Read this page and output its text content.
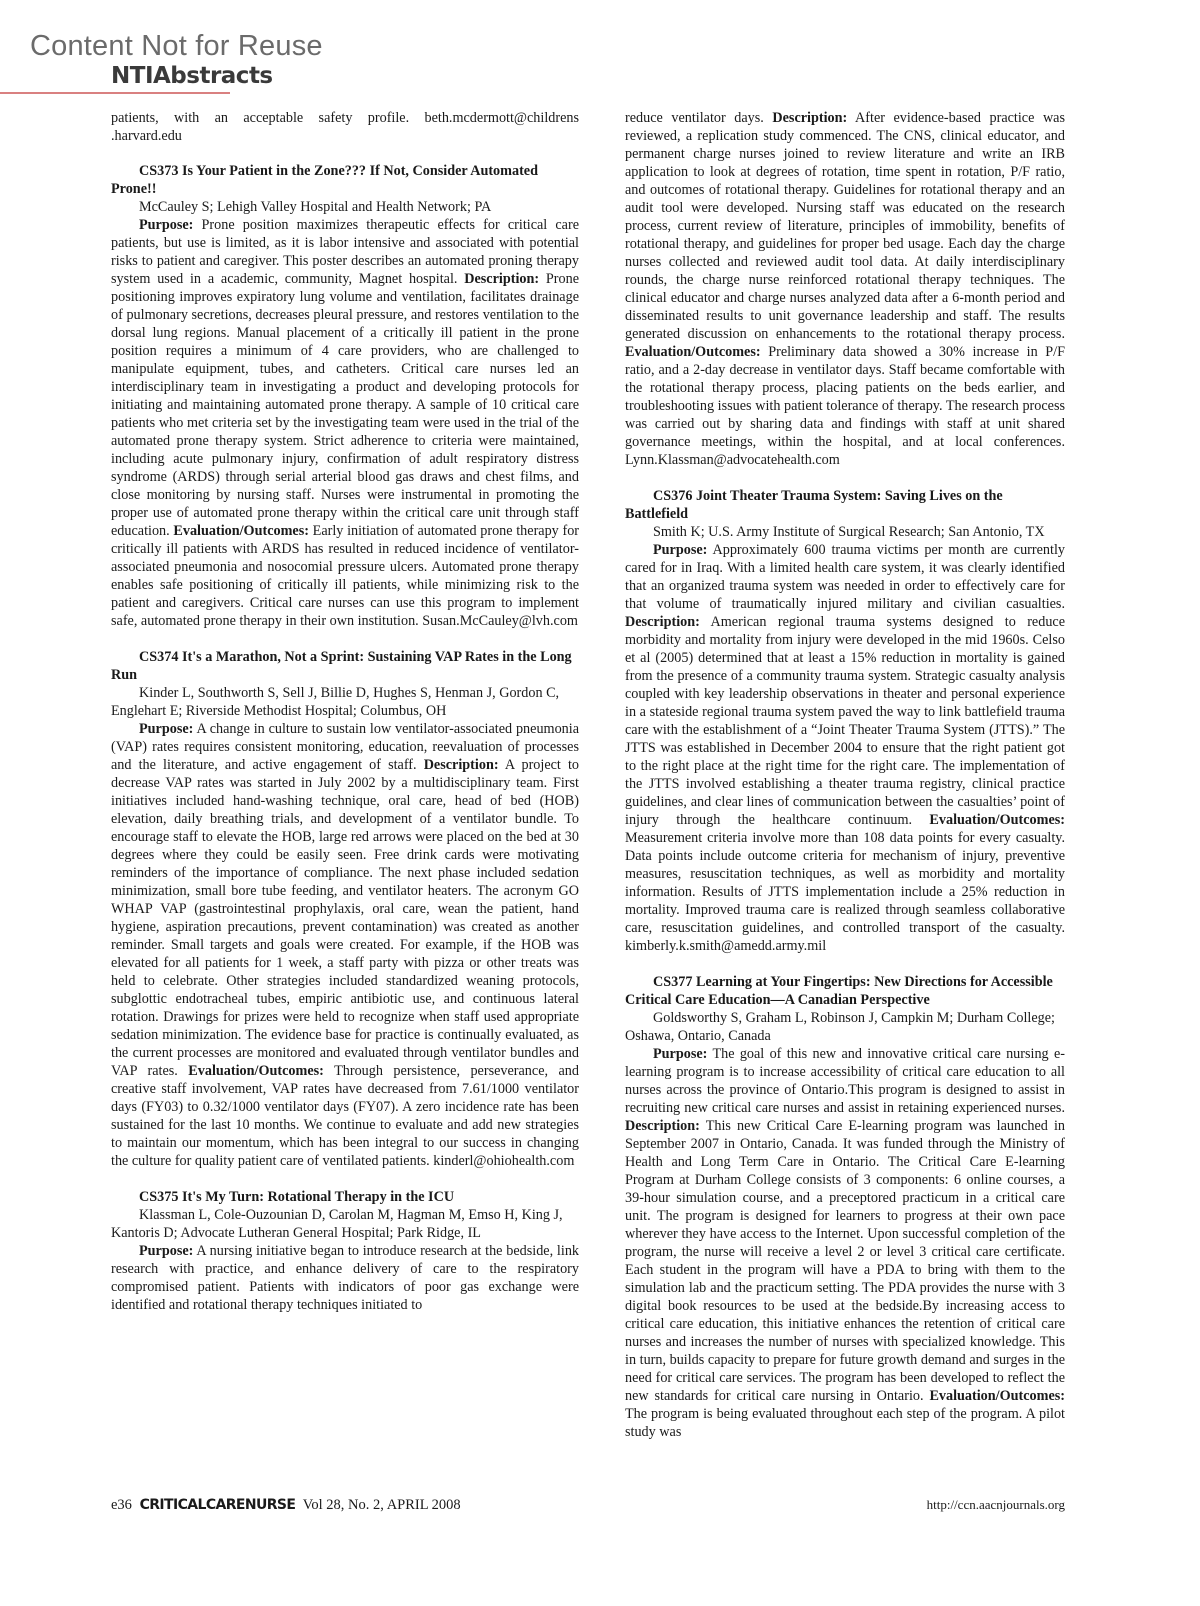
Content Not for Reuse
NTIAbstracts

patients, with an acceptable safety profile. beth.mcdermott@childrens .harvard.edu

CS373 Is Your Patient in the Zone??? If Not, Consider Automated Prone!!
McCauley S; Lehigh Valley Hospital and Health Network; PA
Purpose: Prone position maximizes therapeutic effects for critical care patients, but use is limited, as it is labor intensive and associated with potential risks to patient and caregiver. This poster describes an automated proning therapy system used in a academic, community, Magnet hospital. Description: Prone positioning improves expiratory lung volume and ventilation, facilitates drainage of pulmonary secretions, decreases pleural pressure, and restores ventilation to the dorsal lung regions. Manual placement of a critically ill patient in the prone position requires a minimum of 4 care providers, who are challenged to manipulate equipment, tubes, and catheters. Critical care nurses led an interdisciplinary team in investigating a product and developing protocols for initiating and maintaining automated prone therapy. A sample of 10 critical care patients who met criteria set by the investigating team were used in the trial of the automated prone therapy system. Strict adherence to criteria were maintained, including acute pulmonary injury, confirmation of adult respiratory distress syndrome (ARDS) through serial arterial blood gas draws and chest films, and close monitoring by nursing staff. Nurses were instrumental in promoting the proper use of automated prone therapy within the critical care unit through staff education. Evaluation/Outcomes: Early initiation of automated prone therapy for critically ill patients with ARDS has resulted in reduced incidence of ventilator-associated pneumonia and nosocomial pressure ulcers. Automated prone therapy enables safe positioning of critically ill patients, while minimizing risk to the patient and caregivers. Critical care nurses can use this program to implement safe, automated prone therapy in their own institution. Susan.McCauley@lvh.com
CS374 It's a Marathon, Not a Sprint: Sustaining VAP Rates in the Long Run
Kinder L, Southworth S, Sell J, Billie D, Hughes S, Henman J, Gordon C, Englehart E; Riverside Methodist Hospital; Columbus, OH
Purpose: A change in culture to sustain low ventilator-associated pneumonia (VAP) rates requires consistent monitoring, education, reevaluation of processes and the literature, and active engagement of staff. Description: A project to decrease VAP rates was started in July 2002 by a multidisciplinary team. First initiatives included hand-washing technique, oral care, head of bed (HOB) elevation, daily breathing trials, and development of a ventilator bundle. To encourage staff to elevate the HOB, large red arrows were placed on the bed at 30 degrees where they could be easily seen. Free drink cards were motivating reminders of the importance of compliance. The next phase included sedation minimization, small bore tube feeding, and ventilator heaters. The acronym GO WHAP VAP (gastrointestinal prophylaxis, oral care, wean the patient, hand hygiene, aspiration precautions, prevent contamination) was created as another reminder. Small targets and goals were created. For example, if the HOB was elevated for all patients for 1 week, a staff party with pizza or other treats was held to celebrate. Other strategies included standardized weaning protocols, subglottic endotracheal tubes, empiric antibiotic use, and continuous lateral rotation. Drawings for prizes were held to recognize when staff used appropriate sedation minimization. The evidence base for practice is continually evaluated, as the current processes are monitored and evaluated through ventilator bundles and VAP rates. Evaluation/Outcomes: Through persistence, perseverance, and creative staff involvement, VAP rates have decreased from 7.61/1000 ventilator days (FY03) to 0.32/1000 ventilator days (FY07). A zero incidence rate has been sustained for the last 10 months. We continue to evaluate and add new strategies to maintain our momentum, which has been integral to our success in changing the culture for quality patient care of ventilated patients. kinderl@ohiohealth.com
CS375 It's My Turn: Rotational Therapy in the ICU
Klassman L, Cole-Ouzounian D, Carolan M, Hagman M, Emso H, King J, Kantoris D; Advocate Lutheran General Hospital; Park Ridge, IL
Purpose: A nursing initiative began to introduce research at the bedside, link research with practice, and enhance delivery of care to the respiratory compromised patient. Patients with indicators of poor gas exchange were identified and rotational therapy techniques initiated to

reduce ventilator days. Description: After evidence-based practice was reviewed, a replication study commenced. The CNS, clinical educator, and permanent charge nurses joined to review literature and write an IRB application to look at degrees of rotation, time spent in rotation, P/F ratio, and outcomes of rotational therapy. Guidelines for rotational therapy and an audit tool were developed. Nursing staff was educated on the research process, current review of literature, principles of immobility, benefits of rotational therapy, and guidelines for proper bed usage. Each day the charge nurses collected and reviewed audit tool data. At daily interdisciplinary rounds, the charge nurse reinforced rotational therapy techniques. The clinical educator and charge nurses analyzed data after a 6-month period and disseminated results to unit governance leadership and staff. The results generated discussion on enhancements to the rotational therapy process. Evaluation/Outcomes: Preliminary data showed a 30% increase in P/F ratio, and a 2-day decrease in ventilator days. Staff became comfortable with the rotational therapy process, placing patients on the beds earlier, and troubleshooting issues with patient tolerance of therapy. The research process was carried out by sharing data and findings with staff at unit shared governance meetings, within the hospital, and at local conferences. Lynn.Klassman@advocatehealth.com

CS376 Joint Theater Trauma System: Saving Lives on the Battlefield
Smith K; U.S. Army Institute of Surgical Research; San Antonio, TX
Purpose: Approximately 600 trauma victims per month are currently cared for in Iraq. With a limited health care system, it was clearly identified that an organized trauma system was needed in order to effectively care for that volume of traumatically injured military and civilian casualties. Description: American regional trauma systems designed to reduce morbidity and mortality from injury were developed in the mid 1960s. Celso et al (2005) determined that at least a 15% reduction in mortality is gained from the presence of a community trauma system. Strategic casualty analysis coupled with key leadership observations in theater and personal experience in a stateside regional trauma system paved the way to link battlefield trauma care with the establishment of a “Joint Theater Trauma System (JTTS).” The JTTS was established in December 2004 to ensure that the right patient got to the right place at the right time for the right care. The implementation of the JTTS involved establishing a theater trauma registry, clinical practice guidelines, and clear lines of communication between the casualties’ point of injury through the healthcare continuum. Evaluation/Outcomes: Measurement criteria involve more than 108 data points for every casualty. Data points include outcome criteria for mechanism of injury, preventive measures, resuscitation techniques, as well as morbidity and mortality information. Results of JTTS implementation include a 25% reduction in mortality. Improved trauma care is realized through seamless collaborative care, resuscitation guidelines, and controlled transport of the casualty. kimberly.k.smith@amedd.army.mil
CS377 Learning at Your Fingertips: New Directions for Accessible Critical Care Education—A Canadian Perspective
Goldsworthy S, Graham L, Robinson J, Campkin M; Durham College; Oshawa, Ontario, Canada
Purpose: The goal of this new and innovative critical care nursing e-learning program is to increase accessibility of critical care education to all nurses across the province of Ontario.This program is designed to assist in recruiting new critical care nurses and assist in retaining experienced nurses. Description: This new Critical Care E-learning program was launched in September 2007 in Ontario, Canada. It was funded through the Ministry of Health and Long Term Care in Ontario. The Critical Care E-learning Program at Durham College consists of 3 components: 6 online courses, a 39-hour simulation course, and a preceptored practicum in a critical care unit. The program is designed for learners to progress at their own pace wherever they have access to the Internet. Upon successful completion of the program, the nurse will receive a level 2 or level 3 critical care certificate. Each student in the program will have a PDA to bring with them to the simulation lab and the practicum setting. The PDA provides the nurse with 3 digital book resources to be used at the bedside.By increasing access to critical care education, this initiative enhances the retention of critical care nurses and increases the number of nurses with specialized knowledge. This in turn, builds capacity to prepare for future growth demand and surges in the need for critical care services. The program has been developed to reflect the new standards for critical care nursing in Ontario. Evaluation/Outcomes: The program is being evaluated throughout each step of the program. A pilot study was
e36 CRITICALCARENURSE Vol 28, No. 2, APRIL 2008	http://ccn.aacnjournals.org
